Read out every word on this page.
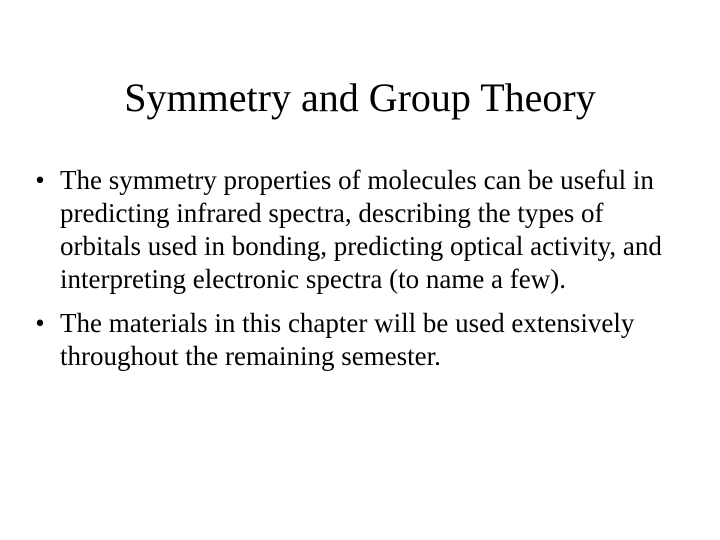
Symmetry and Group Theory
• The symmetry properties of molecules can be useful in predicting infrared spectra, describing the types of orbitals used in bonding, predicting optical activity, and interpreting electronic spectra (to name a few).
• The materials in this chapter will be used extensively throughout the remaining semester.
